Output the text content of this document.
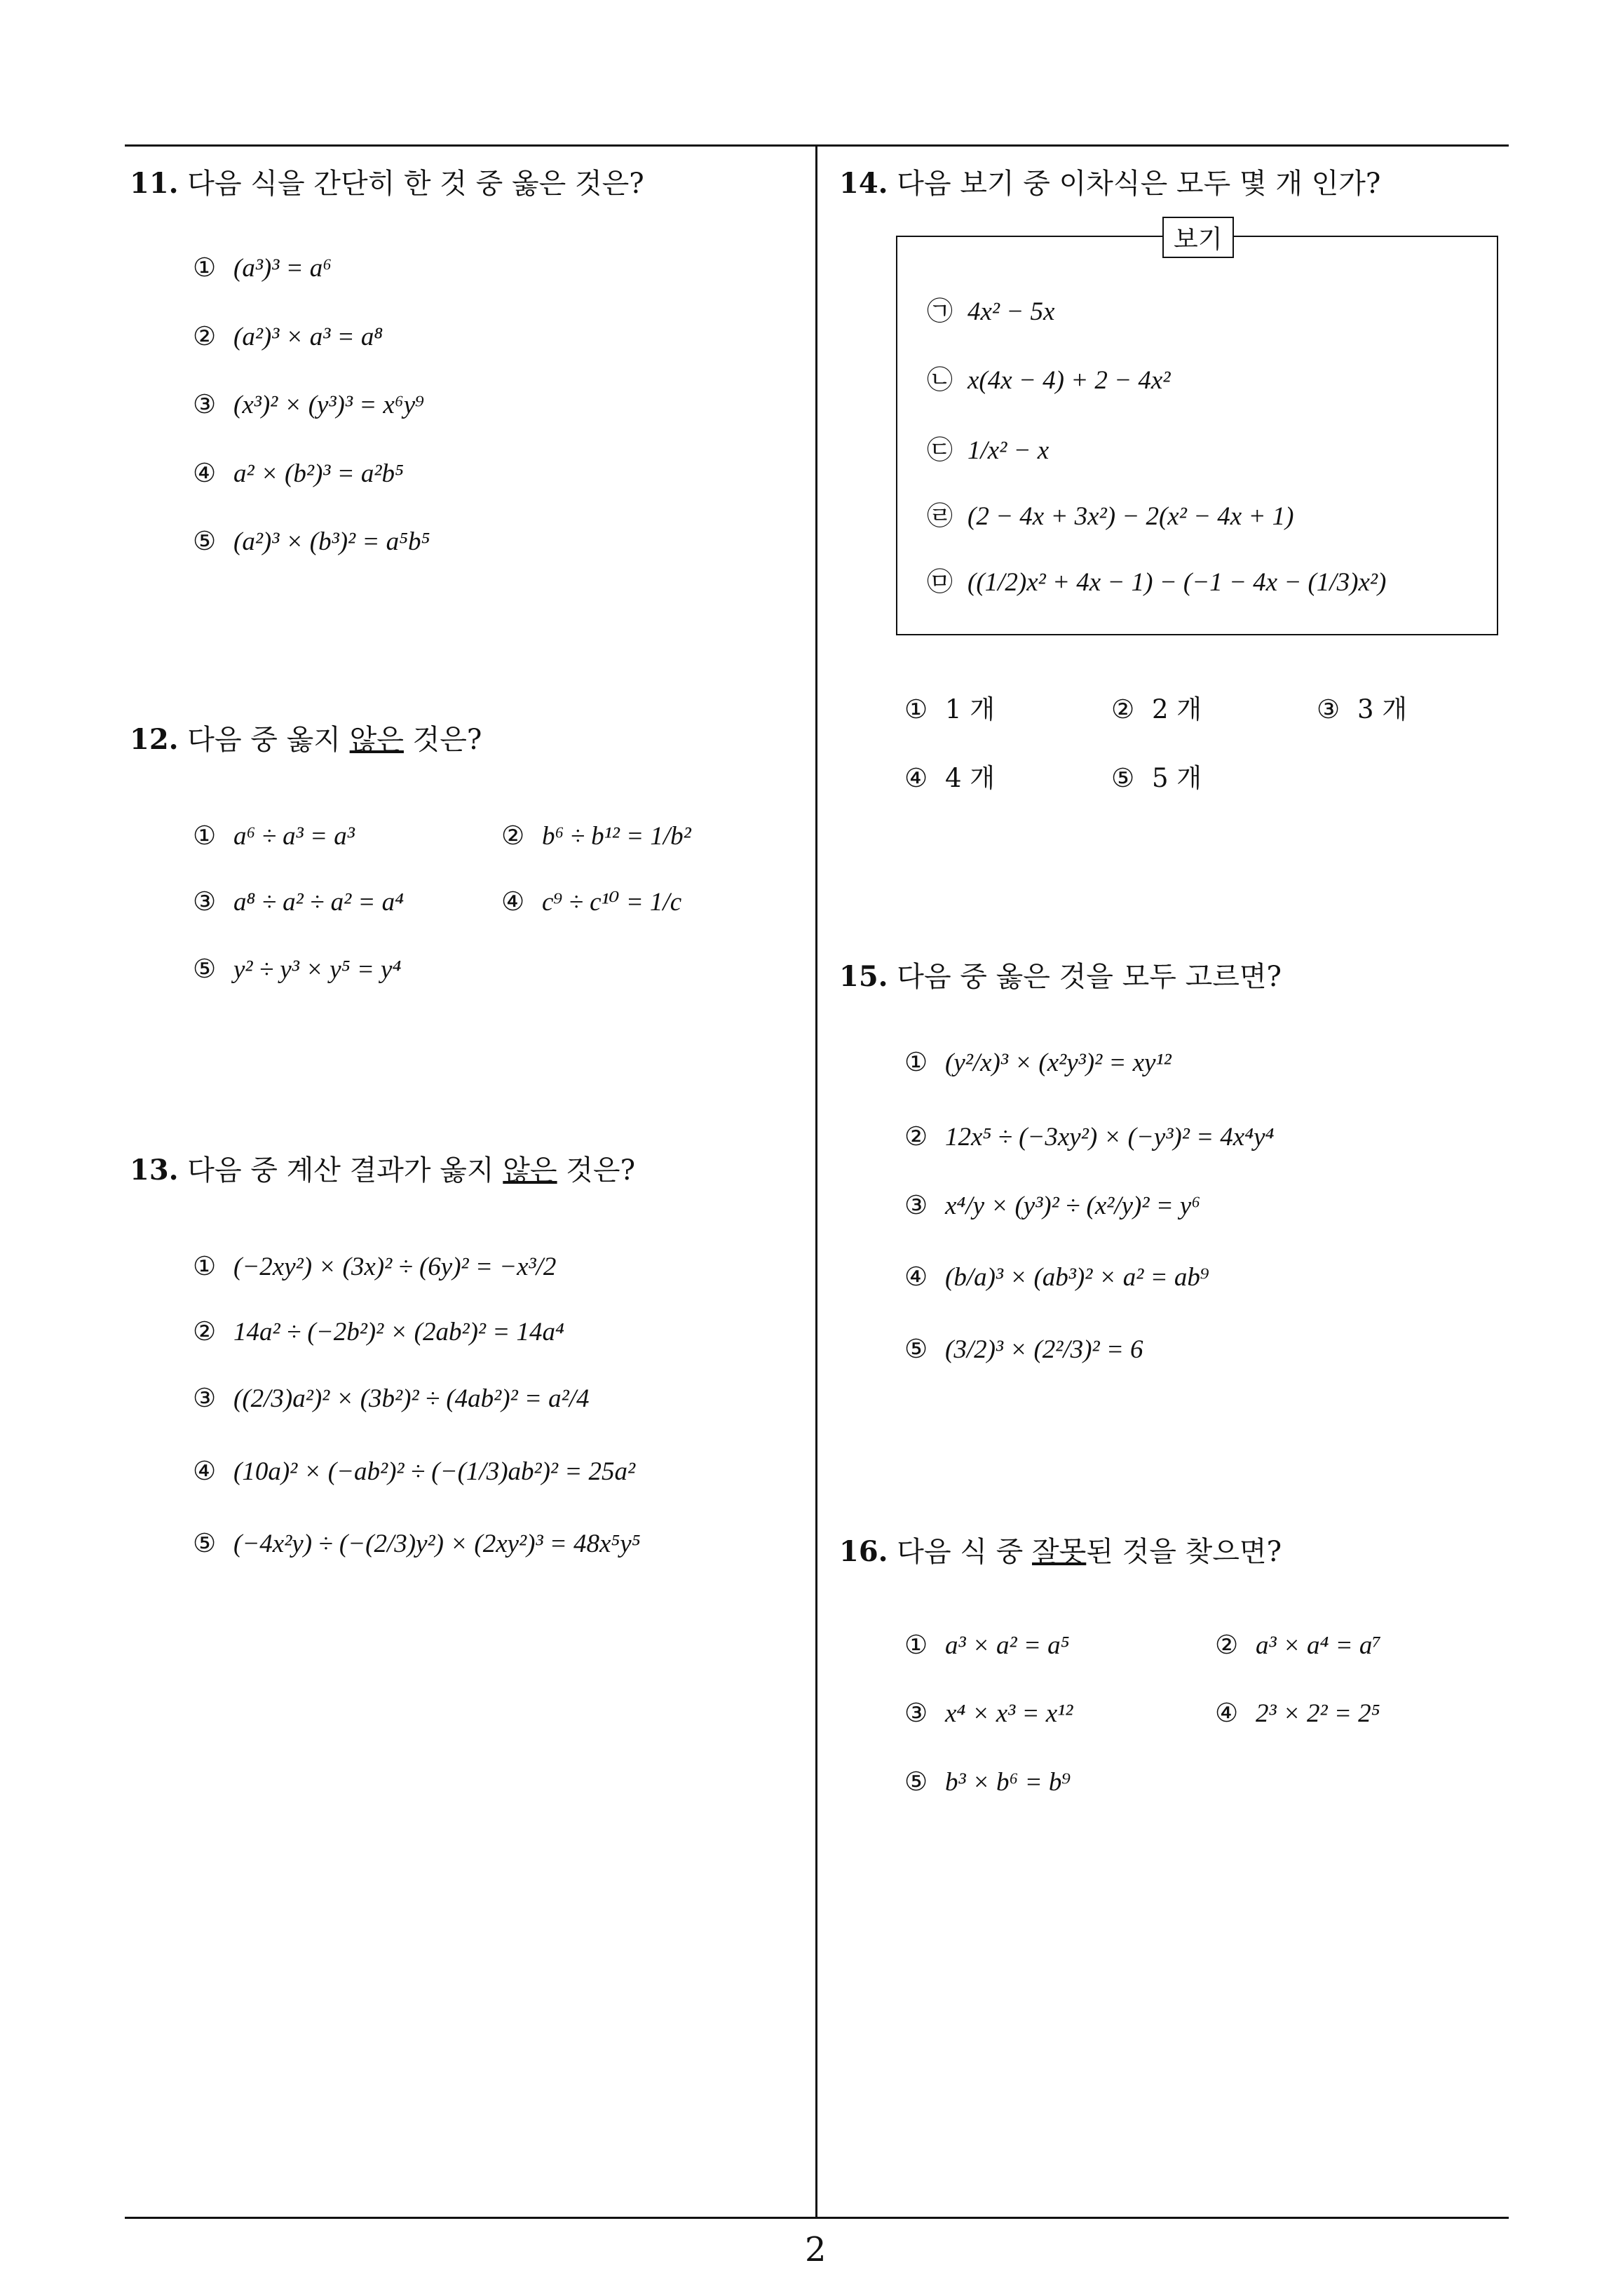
11. 다음 식을 간단히 한 것 중 옳은 것은?
① (a³)³ = a⁶
② (a²)³ × a³ = a⁸
③ (x³)² × (y³)³ = x⁶y⁹
④ a² × (b²)³ = a²b⁵
⑤ (a²)³ × (b³)² = a⁵b⁵
12. 다음 중 옳지 않은 것은?
① a⁶ ÷ a³ = a³	② b⁶ ÷ b¹² = 1/b²
③ a⁸ ÷ a² ÷ a² = a⁴	④ c⁹ ÷ c¹⁰ = 1/c
⑤ y² ÷ y³ × y⁵ = y⁴
13. 다음 중 계산 결과가 옳지 않은 것은?
① (−2xy²) × (3x)² ÷ (6y)² = −x³/2
② 14a² ÷ (−2b²)² × (2ab²)² = 14a⁴
③ ((2/3)a²)² × (3b²)² ÷ (4ab²)² = a²/4
④ (10a)² × (−ab²)² ÷ (−(1/3)ab²)² = 25a²
⑤ (−4x²y) ÷ (−(2/3)y²) × (2xy²)³ = 48x⁵y⁵
14. 다음 보기 중 이차식은 모두 몇 개 인가?
보기
㉠ 4x² − 5x
㉡ x(4x − 4) + 2 − 4x²
㉢ 1/x² − x
㉣ (2 − 4x + 3x²) − 2(x² − 4x + 1)
㉤ ((1/2)x² + 4x − 1) − (−1 − 4x − (1/3)x²)
① 1 개	② 2 개	③ 3 개
④ 4 개	⑤ 5 개
15. 다음 중 옳은 것을 모두 고르면?
① (y²/x)³ × (x²y³)² = xy¹²
② 12x⁵ ÷ (−3xy²) × (−y³)² = 4x⁴y⁴
③ x⁴/y × (y³)² ÷ (x²/y)² = y⁶
④ (b/a)³ × (ab³)² × a² = ab⁹
⑤ (3/2)³ × (2²/3)² = 6
16. 다음 식 중 잘못된 것을 찾으면?
① a³ × a² = a⁵	② a³ × a⁴ = a⁷
③ x⁴ × x³ = x¹²	④ 2³ × 2² = 2⁵
⑤ b³ × b⁶ = b⁹
2
